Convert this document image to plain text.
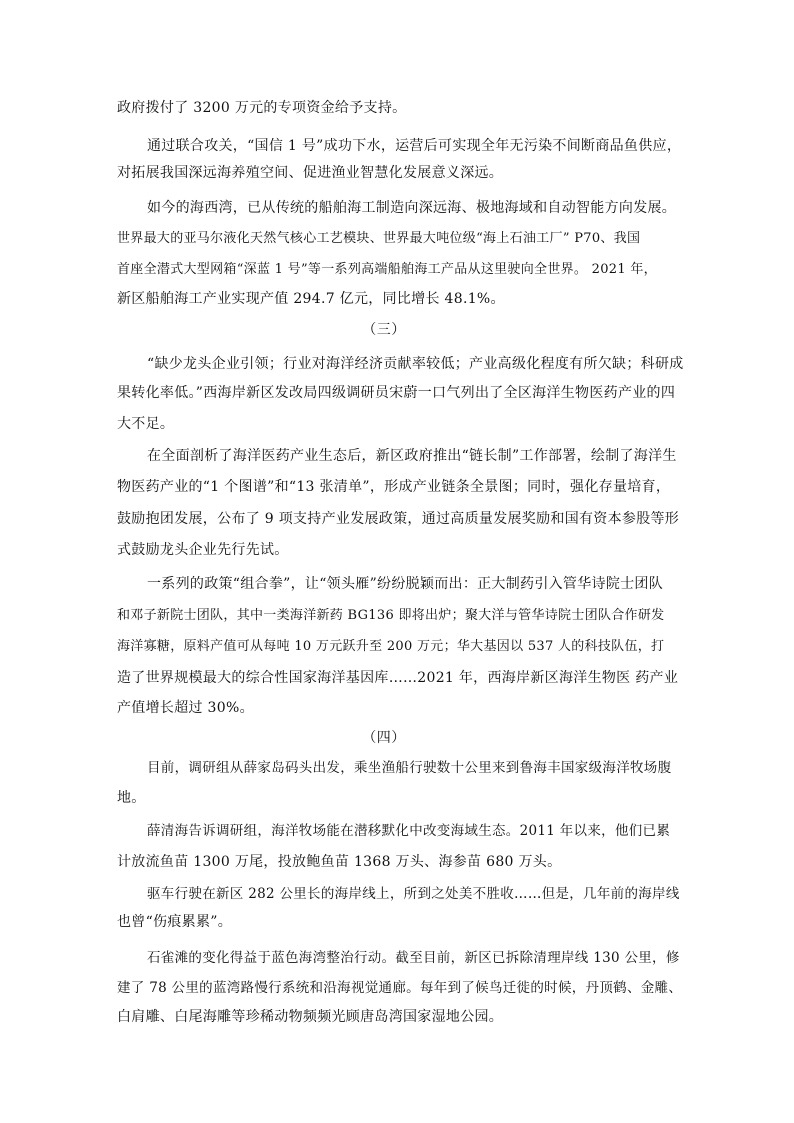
政府拨付了 3200 万元的专项资金给予支持。
通过联合攻关，“国信 1 号”成功下水，运营后可实现全年无污染不间断商品鱼供应，
对拓展我国深远海养殖空间、促进渔业智慧化发展意义深远。
如今的海西湾，已从传统的船舶海工制造向深远海、极地海域和自动智能方向发展。
世界最大的亚马尔液化天然气核心工艺模块、世界最大吨位级“海上石油工厂” P70、我国
首座全潜式大型网箱“深蓝 1 号”等一系列高端船舶海工产品从这里驶向全世界。 2021 年，
新区船舶海工产业实现产值 294.7 亿元，同比增长 48.1%。
（三）
“缺少龙头企业引领；行业对海洋经济贡献率较低；产业高级化程度有所欠缺；科研成
果转化率低。”西海岸新区发改局四级调研员宋蔚一口气列出了全区海洋生物医药产业的四
大不足。
在全面剖析了海洋医药产业生态后，新区政府推出“链长制”工作部署，绘制了海洋生
物医药产业的“1 个图谱”和“13 张清单”，形成产业链条全景图；同时，强化存量培育，
鼓励抱团发展，公布了 9 项支持产业发展政策，通过高质量发展奖励和国有资本参股等形
式鼓励龙头企业先行先试。
一系列的政策“组合拳”，让“领头雁”纷纷脱颖而出：正大制药引入管华诗院士团队
和邓子新院士团队，其中一类海洋新药 BG136 即将出炉；聚大洋与管华诗院士团队合作研发
海洋寡糖，原料产值可从每吨 10 万元跃升至 200 万元；华大基因以 537 人的科技队伍，打
造了世界规模最大的综合性国家海洋基因库……2021 年，西海岸新区海洋生物医 药产业
产值增长超过 30%。
（四）
目前，调研组从薛家岛码头出发，乘坐渔船行驶数十公里来到鲁海丰国家级海洋牧场腹
地。
薛清海告诉调研组，海洋牧场能在潜移默化中改变海域生态。2011 年以来，他们已累
计放流鱼苗 1300 万尾，投放鲍鱼苗 1368 万头、海参苗 680 万头。
驱车行驶在新区 282 公里长的海岸线上，所到之处美不胜收……但是，几年前的海岸线
也曾“伤痕累累”。
石雀滩的变化得益于蓝色海湾整治行动。截至目前，新区已拆除清理岸线 130 公里，修
建了 78 公里的蓝湾路慢行系统和沿海视觉通廊。每年到了候鸟迁徙的时候，丹顶鹤、金雕、
白肩雕、白尾海雕等珍稀动物频频光顾唐岛湾国家湿地公园。
